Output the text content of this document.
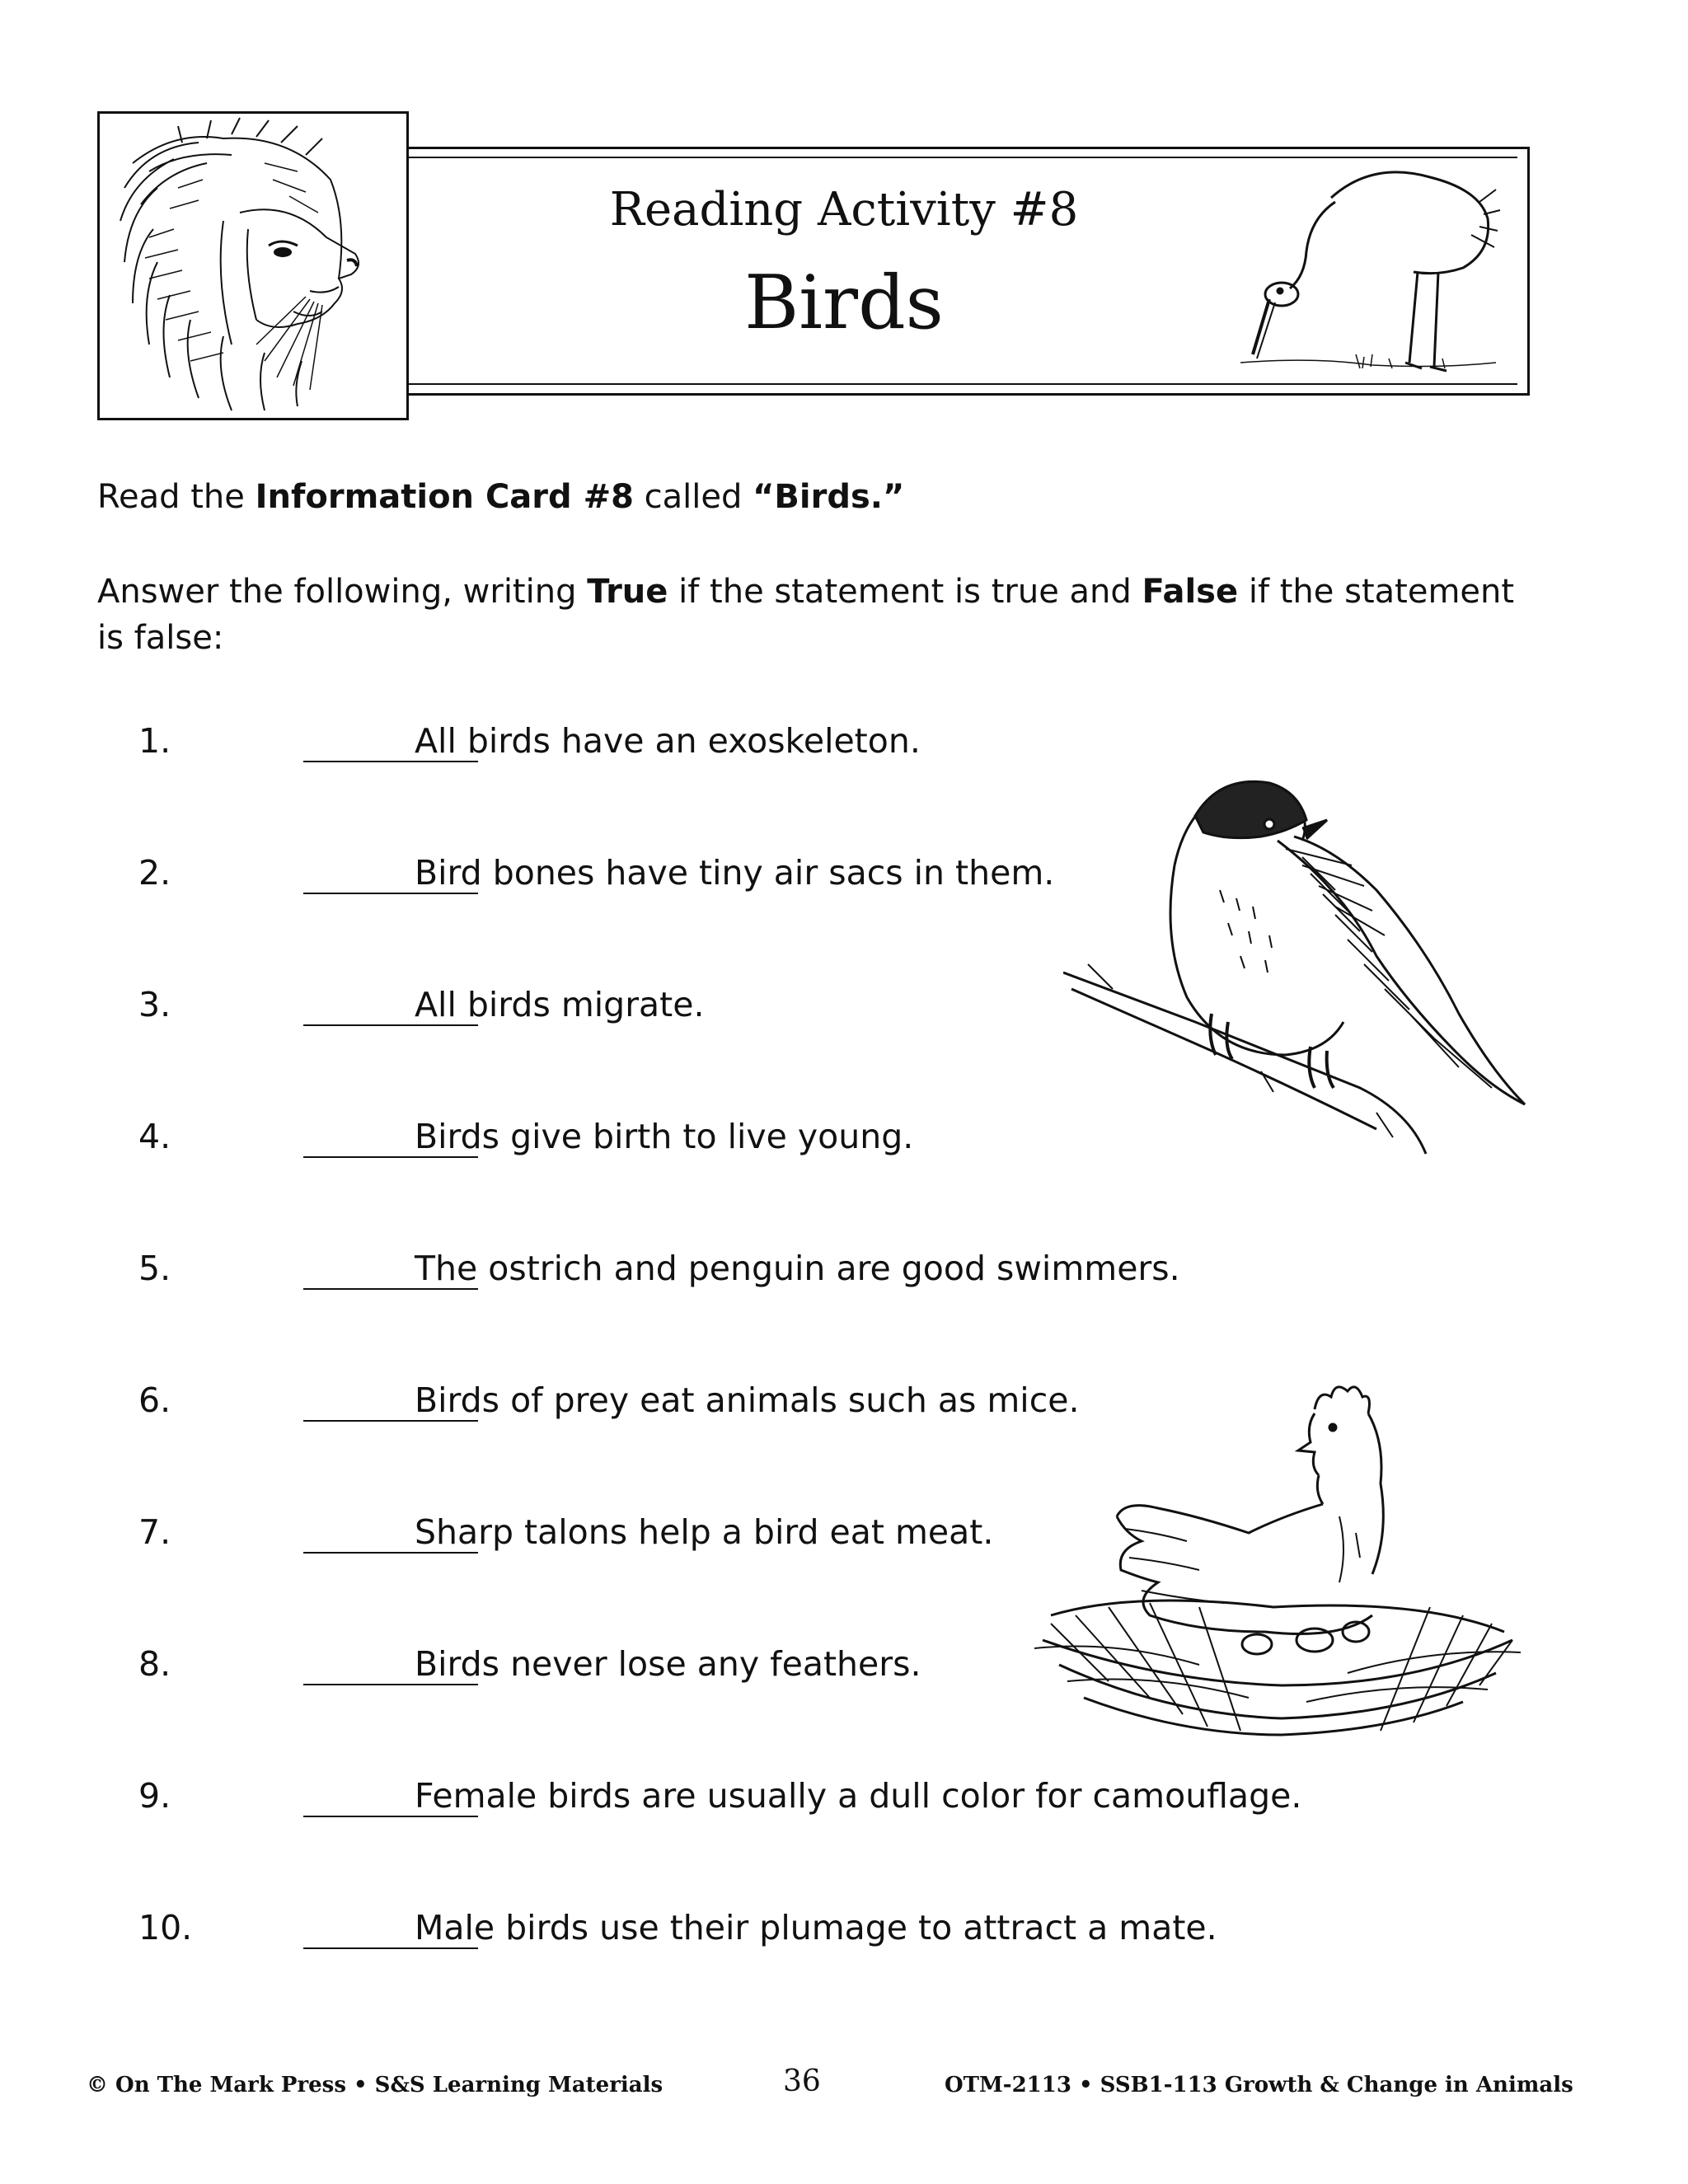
Reading Activity #8
Birds
Read the Information Card #8 called “Birds.”
Answer the following, writing True if the statement is true and False if the statement is false:
1.	All birds have an exoskeleton.
2.	Bird bones have tiny air sacs in them.
3.	All birds migrate.
4.	Birds give birth to live young.
5.	The ostrich and penguin are good swimmers.
6.	Birds of prey eat animals such as mice.
7.	Sharp talons help a bird eat meat.
8.	Birds never lose any feathers.
9.	Female birds are usually a dull color for camouflage.
10.	Male birds use their plumage to attract a mate.
© On The Mark Press • S&S Learning Materials	36	OTM-2113 • SSB1-113 Growth & Change in Animals
